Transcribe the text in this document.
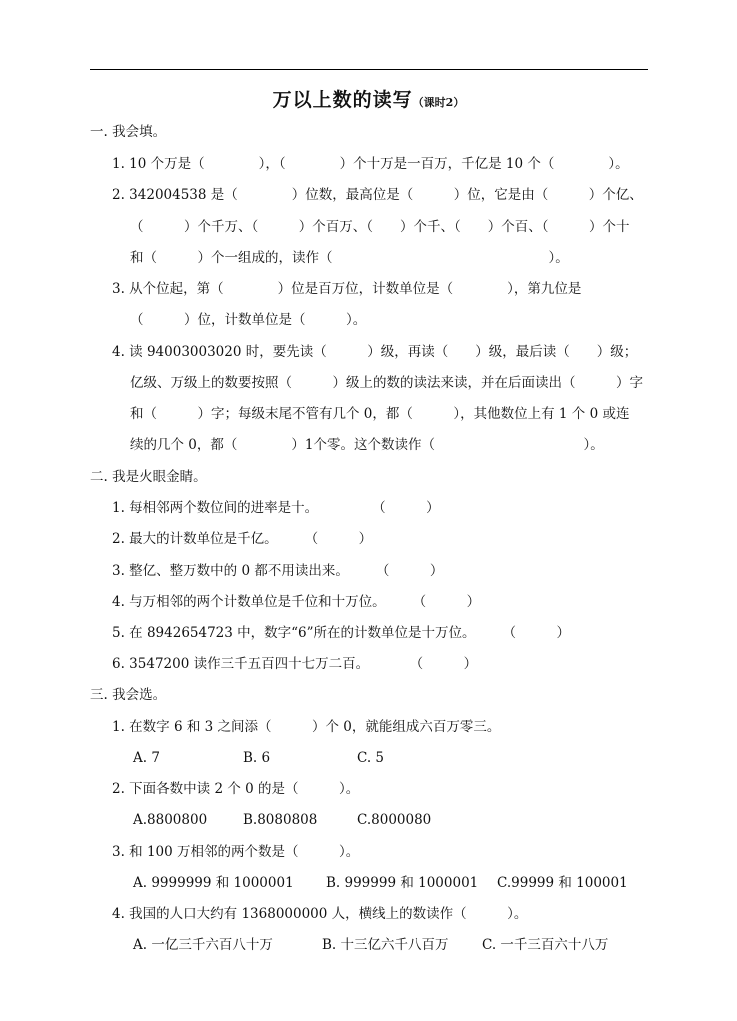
万以上数的读写（课时2）
一. 我会填。
1. 10 个万是（　　　　），（　　　　）个十万是一百万，千亿是 10 个（　　　　）。
2. 342004538 是（　　　　）位数，最高位是（　　　）位，它是由（　　　）个亿、
（　　　）个千万、（　　　）个百万、（　　）个千、（　　）个百、（　　　）个十
和（　　　）个一组成的，读作（　　　　　　　　　　　　　　　　）。
3. 从个位起，第（　　　　）位是百万位，计数单位是（　　　　），第九位是
（　　　）位，计数单位是（　　　）。
4. 读 94003003020 时，要先读（　　　）级，再读（　　）级，最后读（　　）级；
亿级、万级上的数要按照（　　　）级上的数的读法来读，并在后面读出（　　　）字
和（　　　）字；每级末尾不管有几个 0，都（　　　），其他数位上有 1 个 0 或连
续的几个 0，都（　　　　）1个零。这个数读作（　　　　　　　　　　　）。
二. 我是火眼金睛。
1. 每相邻两个数位间的进率是十。　　　　　（　　　）
2. 最大的计数单位是千亿。　　　（　　　）
3. 整亿、整万数中的 0 都不用读出来。　　　（　　　）
4. 与万相邻的两个计数单位是千位和十万位。　　　（　　　）
5. 在 8942654723 中，数字“6”所在的计数单位是十万位。　　　（　　　）
6. 3547200 读作三千五百四十七万二百。　　　　（　　　）
三. 我会选。
1. 在数字 6 和 3 之间添（　　　）个 0，就能组成六百万零三。
A. 7	B. 6	C. 5
2. 下面各数中读 2 个 0 的是（　　　）。
A.8800800	B.8080808	C.8000080
3. 和 100 万相邻的两个数是（　　　）。
A. 9999999 和 1000001 B. 999999 和 1000001 C.99999 和 100001
4. 我国的人口大约有 1368000000 人，横线上的数读作（　　　）。
A. 一亿三千六百八十万	B. 十三亿六千八百万 C. 一千三百六十八万
